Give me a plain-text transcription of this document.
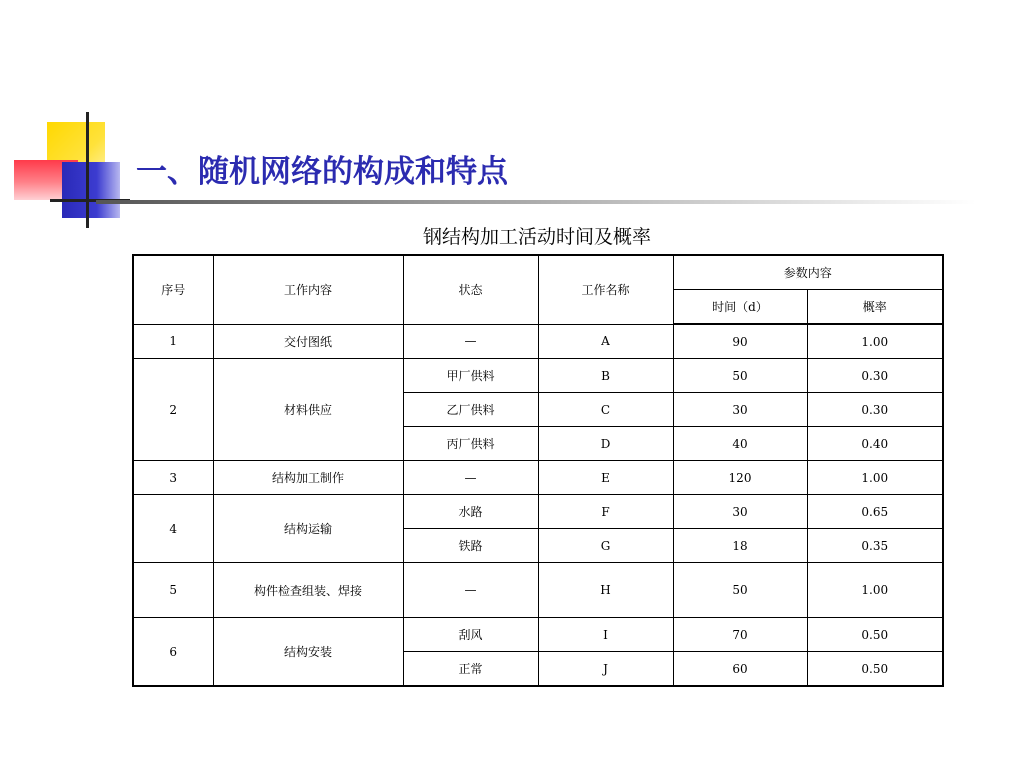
一、随机网络的构成和特点
钢结构加工活动时间及概率
序号	工作内容	状态	工作名称	参数内容	
				时间（d）	概率
1	交付图纸	—	A	90	1.00
2	材料供应	甲厂供料	B	50	0.30
		乙厂供料	C	30	0.30
		丙厂供料	D	40	0.40
3	结构加工制作	—	E	120	1.00
4	结构运输	水路	F	30	0.65
		铁路	G	18	0.35
5	构件检查组装、焊接	—	H	50	1.00
6	结构安装	刮风	I	70	0.50
		正常	J	60	0.50
